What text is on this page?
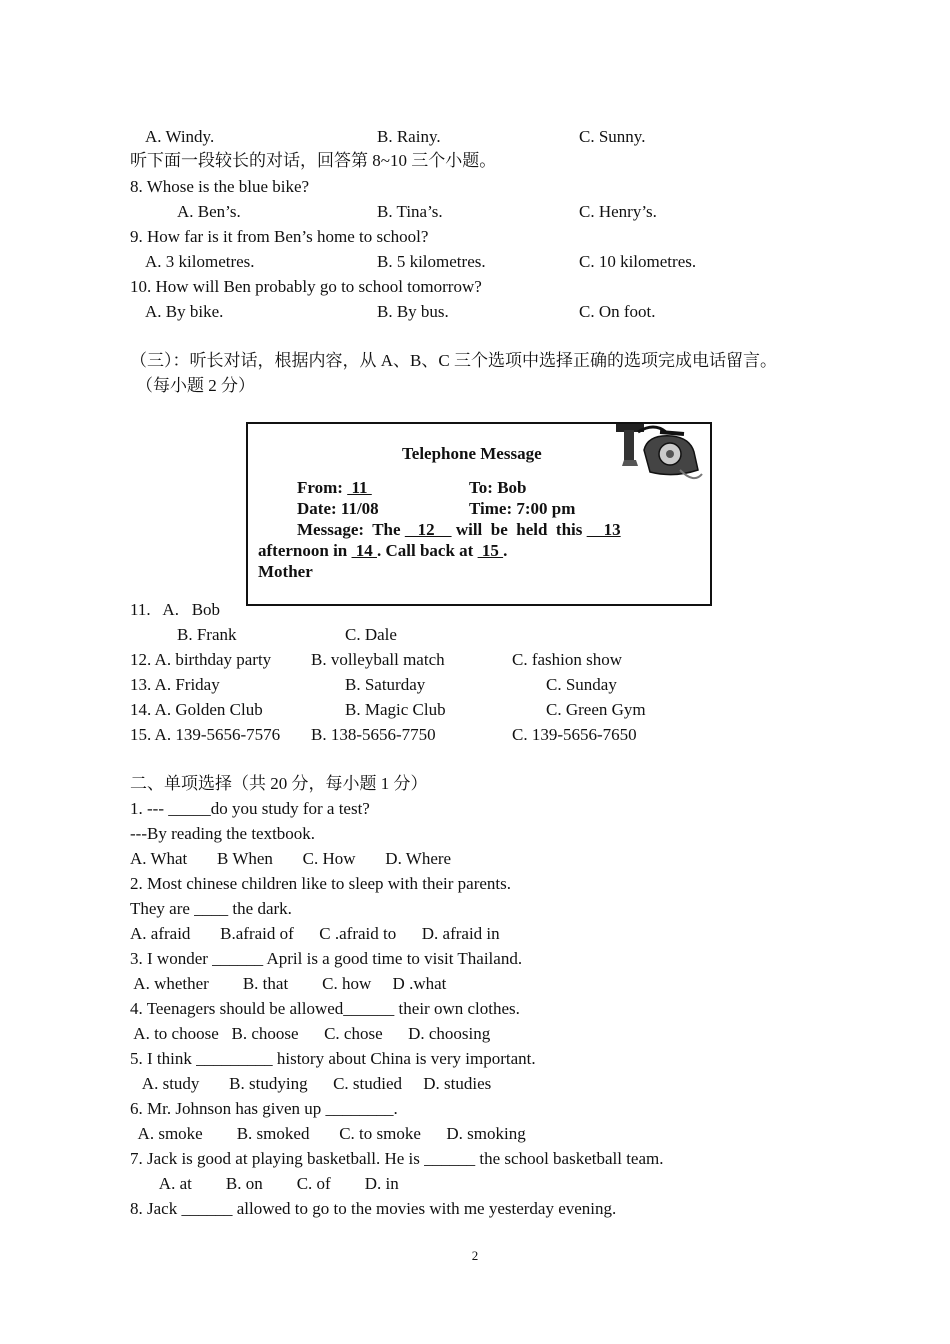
A. Windy.	B. Rainy.	C. Sunny.
听下面一段较长的对话，回答第 8~10 三个小题。
8. Whose is the blue bike?
A. Ben’s.	B. Tina’s.	C. Henry’s.
9. How far is it from Ben’s home to school?
A. 3 kilometres.	B. 5 kilometres.	C. 10 kilometres.
10. How will Ben probably go to school tomorrow?
A. By bike.	B. By bus.	C. On foot.
（三）：听长对话，根据内容，从 A、B、C 三个选项中选择正确的选项完成电话留言。
（每小题 2 分）
Telephone Message
From:  11	To: Bob
Date: 11/08	Time: 7:00 pm
Message:  The    12     will  be  held  this     13
afternoon in  14 . Call back at  15 .
Mother
11.   A.   Bob
B. Frank	C. Dale
12. A. birthday party B. volleyball match	C. fashion show
13. A. Friday	B. Saturday	C. Sunday
14. A. Golden Club	B. Magic Club	C. Green Gym
15. A. 139-5656-7576 B. 138-5656-7750	C. 139-5656-7650
二、单项选择（共 20 分，每小题 1 分）
1. --- _____do you study for a test?
---By reading the textbook.
A. What       B When       C. How       D. Where
2. Most chinese children like to sleep with their parents.
They are ____ the dark.
A. afraid       B.afraid of      C .afraid to      D. afraid in
3. I wonder ______ April is a good time to visit Thailand.
A. whether        B. that        C. how     D .what
4. Teenagers should be allowed______ their own clothes.
A. to choose   B. choose      C. chose      D. choosing
5. I think _________ history about China is very important.
A. study       B. studying      C. studied     D. studies
6. Mr. Johnson has given up ________.
A. smoke        B. smoked       C. to smoke      D. smoking
7. Jack is good at playing basketball. He is ______ the school basketball team.
A. at        B. on        C. of        D. in
8. Jack ______ allowed to go to the movies with me yesterday evening.
2
